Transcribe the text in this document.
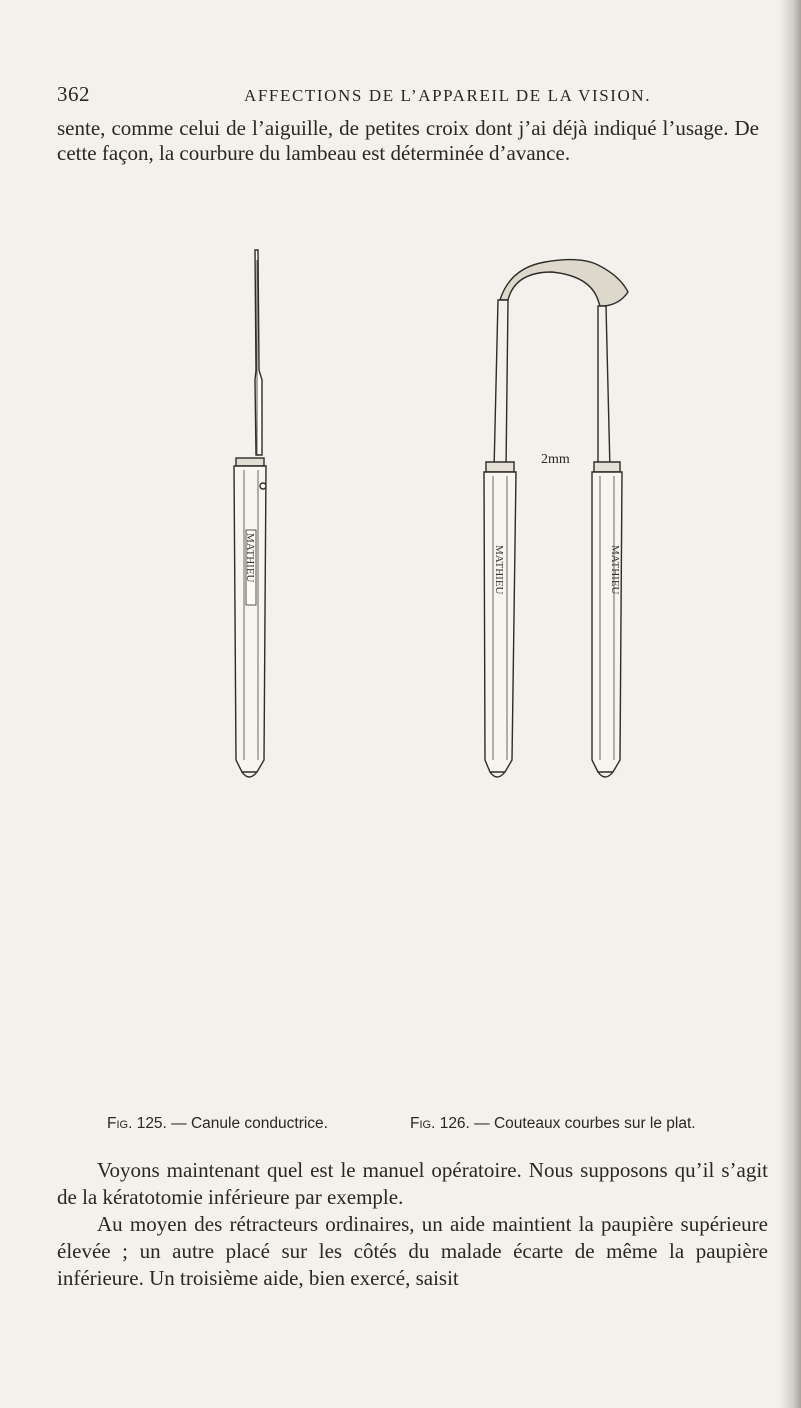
362	AFFECTIONS DE L’APPAREIL DE LA VISION.

sente, comme celui de l’aiguille, de petites croix dont j’ai déjà indiqué l’usage. De cette façon, la courbure du lambeau est déterminée d’avance.

MATHIEU	MATHIEU	MATHIEU
2mm
Fig. 125. — Canule conductrice.	Fig. 126. — Couteaux courbes sur le plat.
Voyons maintenant quel est le manuel opératoire. Nous supposons qu’il s’agit de la kératotomie inférieure par exemple.
Au moyen des rétracteurs ordinaires, un aide maintient la paupière supérieure élevée ; un autre placé sur les côtés du malade écarte de même la paupière inférieure. Un troisième aide, bien exercé, saisit
